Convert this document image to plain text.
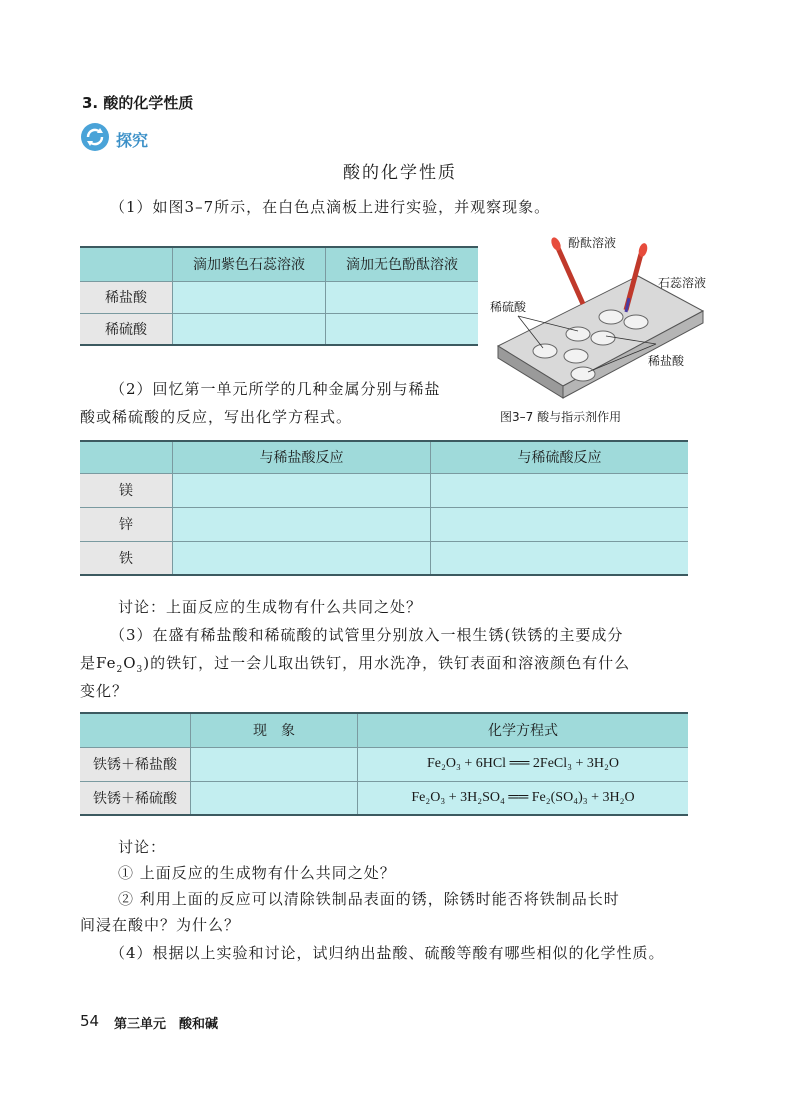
3. 酸的化学性质
探究
酸的化学性质
（1）如图3–7所示，在白色点滴板上进行实验，并观察现象。
	滴加紫色石蕊溶液	滴加无色酚酞溶液
稀盐酸		
稀硫酸		
酚酞溶液
石蕊溶液
稀硫酸
稀盐酸
图3–7 酸与指示剂作用
（2）回忆第一单元所学的几种金属分别与稀盐
酸或稀硫酸的反应，写出化学方程式。
	与稀盐酸反应	与稀硫酸反应
镁		
锌		
铁		
讨论：上面反应的生成物有什么共同之处？
（3）在盛有稀盐酸和稀硫酸的试管里分别放入一根生锈(铁锈的主要成分
是$Fe_2O_3$)的铁钉，过一会儿取出铁钉，用水洗净，铁钉表面和溶液颜色有什么
变化？
	现　象	化学方程式
铁锈＋稀盐酸		Fe₂O₃ + 6HCl ══ 2FeCl₃ + 3H₂O
铁锈＋稀硫酸		Fe₂O₃ + 3H₂SO₄ ══ Fe₂(SO₄)₃ + 3H₂O
讨论：
① 上面反应的生成物有什么共同之处？
② 利用上面的反应可以清除铁制品表面的锈，除锈时能否将铁制品长时
间浸在酸中？为什么？
（4）根据以上实验和讨论，试归纳出盐酸、硫酸等酸有哪些相似的化学性质。
54 第三单元　酸和碱
